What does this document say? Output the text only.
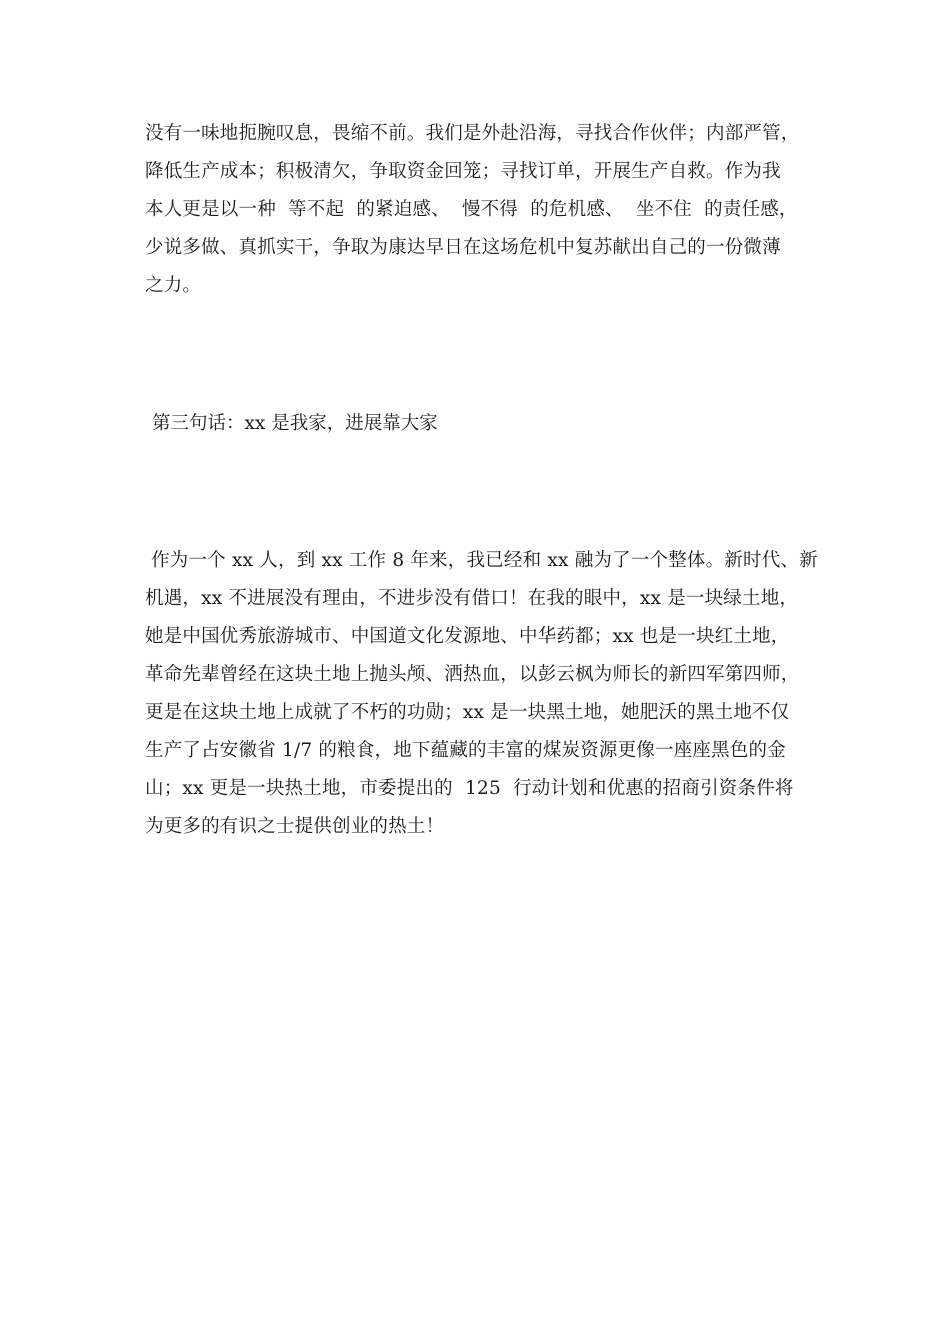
没有一味地扼腕叹息，畏缩不前。我们是外赴沿海，寻找合作伙伴；内部严管，
降低生产成本；积极清欠，争取资金回笼；寻找订单，开展生产自救。作为我
本人更是以一种  等不起  的紧迫感、  慢不得  的危机感、  坐不住  的责任感，
少说多做、真抓实干，争取为康达早日在这场危机中复苏献出自己的一份微薄
之力。
第三句话：xx 是我家，进展靠大家
作为一个 xx 人，到 xx 工作 8 年来，我已经和 xx 融为了一个整体。新时代、新
机遇，xx 不进展没有理由，不进步没有借口！在我的眼中，xx 是一块绿土地，
她是中国优秀旅游城市、中国道文化发源地、中华药都；xx 也是一块红土地，
革命先辈曾经在这块土地上抛头颅、洒热血，以彭云枫为师长的新四军第四师，
更是在这块土地上成就了不朽的功勋；xx 是一块黑土地，她肥沃的黑土地不仅
生产了占安徽省 1/7 的粮食，地下蕴藏的丰富的煤炭资源更像一座座黑色的金
山；xx 更是一块热土地，市委提出的  125  行动计划和优惠的招商引资条件将
为更多的有识之士提供创业的热土！
